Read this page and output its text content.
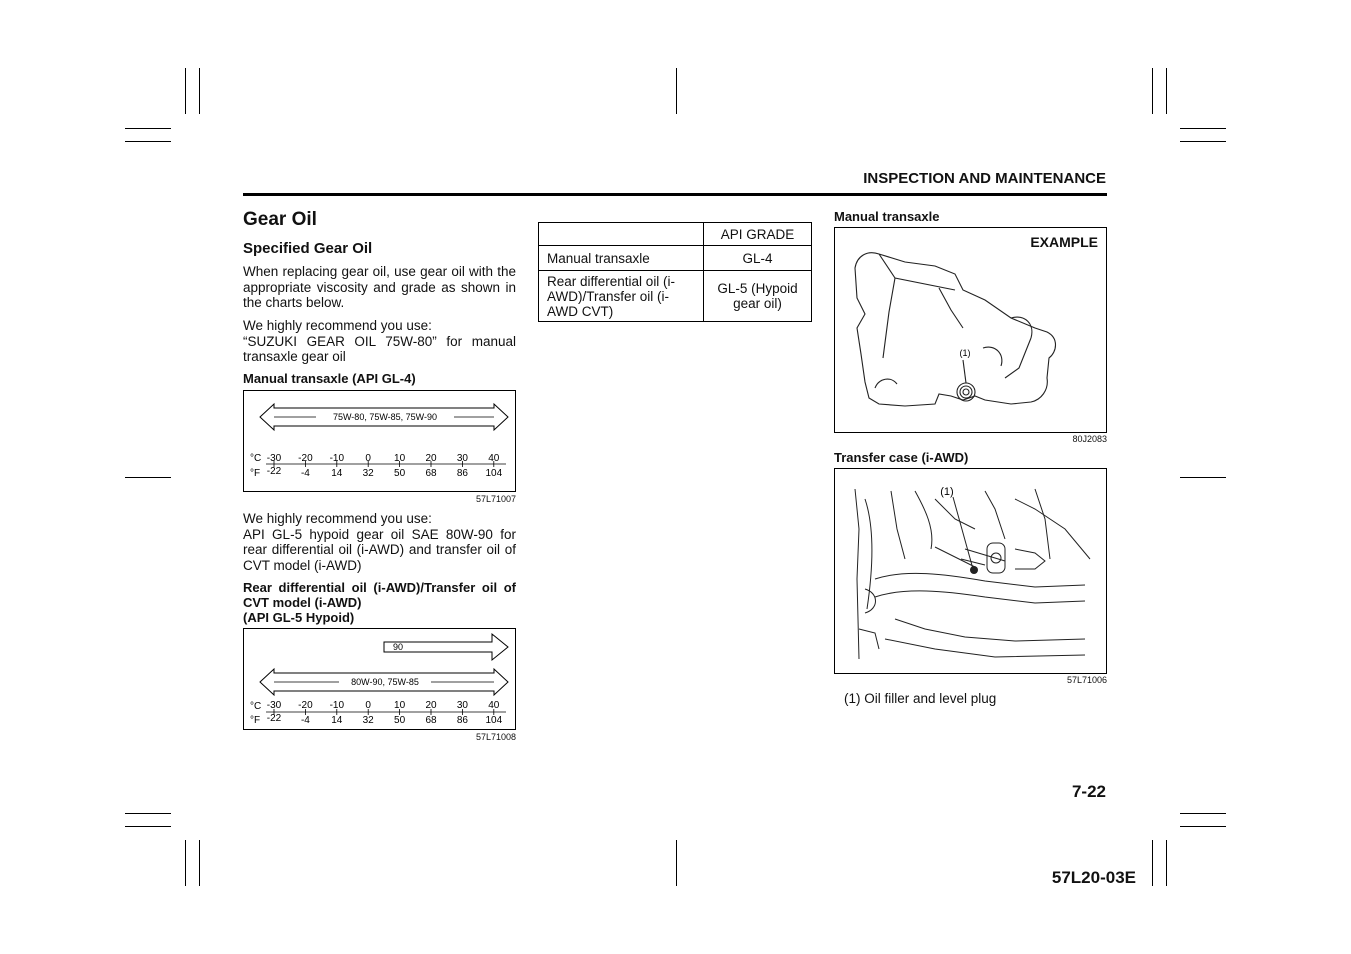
INSPECTION AND MAINTENANCE
Gear Oil
Specified Gear Oil
When replacing gear oil, use gear oil with the appropriate viscosity and grade as shown in the charts below.
We highly recommend you use:
“SUZUKI GEAR OIL 75W-80” for manual transaxle gear oil
Manual transaxle (API GL-4)
75W-80, 75W-85, 75W-90
°C
°F
-30
-22
-20
-4
-10
14
0
32
10
50
20
68
30
86
40
104
57L71007
We highly recommend you use:
API GL-5 hypoid gear oil SAE 80W-90 for rear differential oil (i-AWD) and transfer oil of CVT model (i-AWD)
Rear differential oil (i-AWD)/Transfer oil of CVT model (i-AWD)
(API GL-5 Hypoid)
90
80W-90, 75W-85
°C
°F
-30
-22
-20
-4
-10
14
0
32
10
50
20
68
30
86
40
104
57L71008
	API GRADE
Manual transaxle	GL-4
Rear differential oil (i-AWD)/Transfer oil (i-AWD CVT)	GL-5 (Hypoid gear oil)
Manual transaxle
EXAMPLE
(1)
80J2083
Transfer case (i-AWD)
(1)
57L71006
(1) Oil filler and level plug
7-22
57L20-03E
